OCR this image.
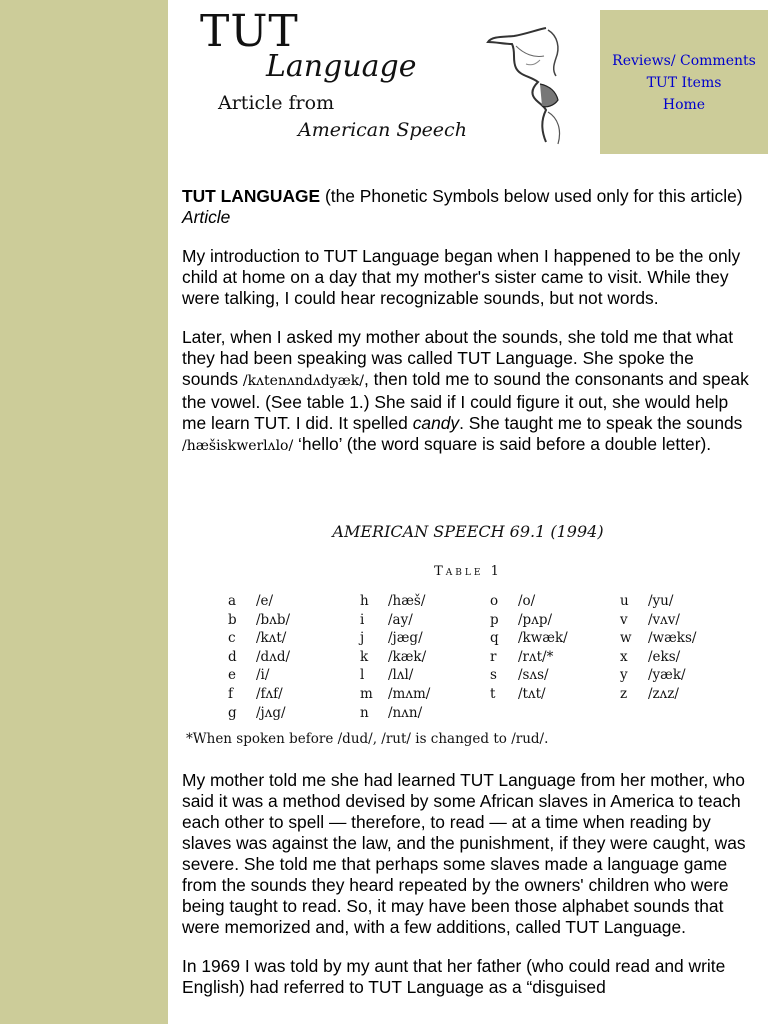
TUT
Language
Article from
American Speech
Reviews/ Comments
TUT Items
Home

TUT LANGUAGE (the Phonetic Symbols below used only for this article)
Article

My introduction to TUT Language began when I happened to be the only child at home on a day that my mother's sister came to visit. While they were talking, I could hear recognizable sounds, but not words.

Later, when I asked my mother about the sounds, she told me that what they had been speaking was called TUT Language. She spoke the sounds /kʌtenʌndʌdyæk/, then told me to sound the consonants and speak the vowel. (See table 1.) She said if I could figure it out, she would help me learn TUT. I did. It spelled candy. She taught me to speak the sounds /hæšiskwerlʌlo/ ‘hello’ (the word square is said before a double letter).

AMERICAN SPEECH 69.1 (1994)
Table 1
a /e/
b /bʌb/
c /kʌt/
d /dʌd/
e /i/
f /fʌf/
g /jʌg/
h /hæš/
i /ay/
j /jæg/
k /kæk/
l /lʌl/
m /mʌm/
n /nʌn/
o /o/
p /pʌp/
q /kwæk/
r /rʌt/*
s /sʌs/
t /tʌt/
u /yu/
v /vʌv/
w /wæks/
x /eks/
y /yæk/
z /zʌz/
*When spoken before /dud/, /rut/ is changed to /rud/.

My mother told me she had learned TUT Language from her mother, who said it was a method devised by some African slaves in America to teach each other to spell — therefore, to read — at a time when reading by slaves was against the law, and the punishment, if they were caught, was severe. She told me that perhaps some slaves made a language game from the sounds they heard repeated by the owners' children who were being taught to read. So, it may have been those alphabet sounds that were memorized and, with a few additions, called TUT Language.

In 1969 I was told by my aunt that her father (who could read and write English) had referred to TUT Language as a “disguised
